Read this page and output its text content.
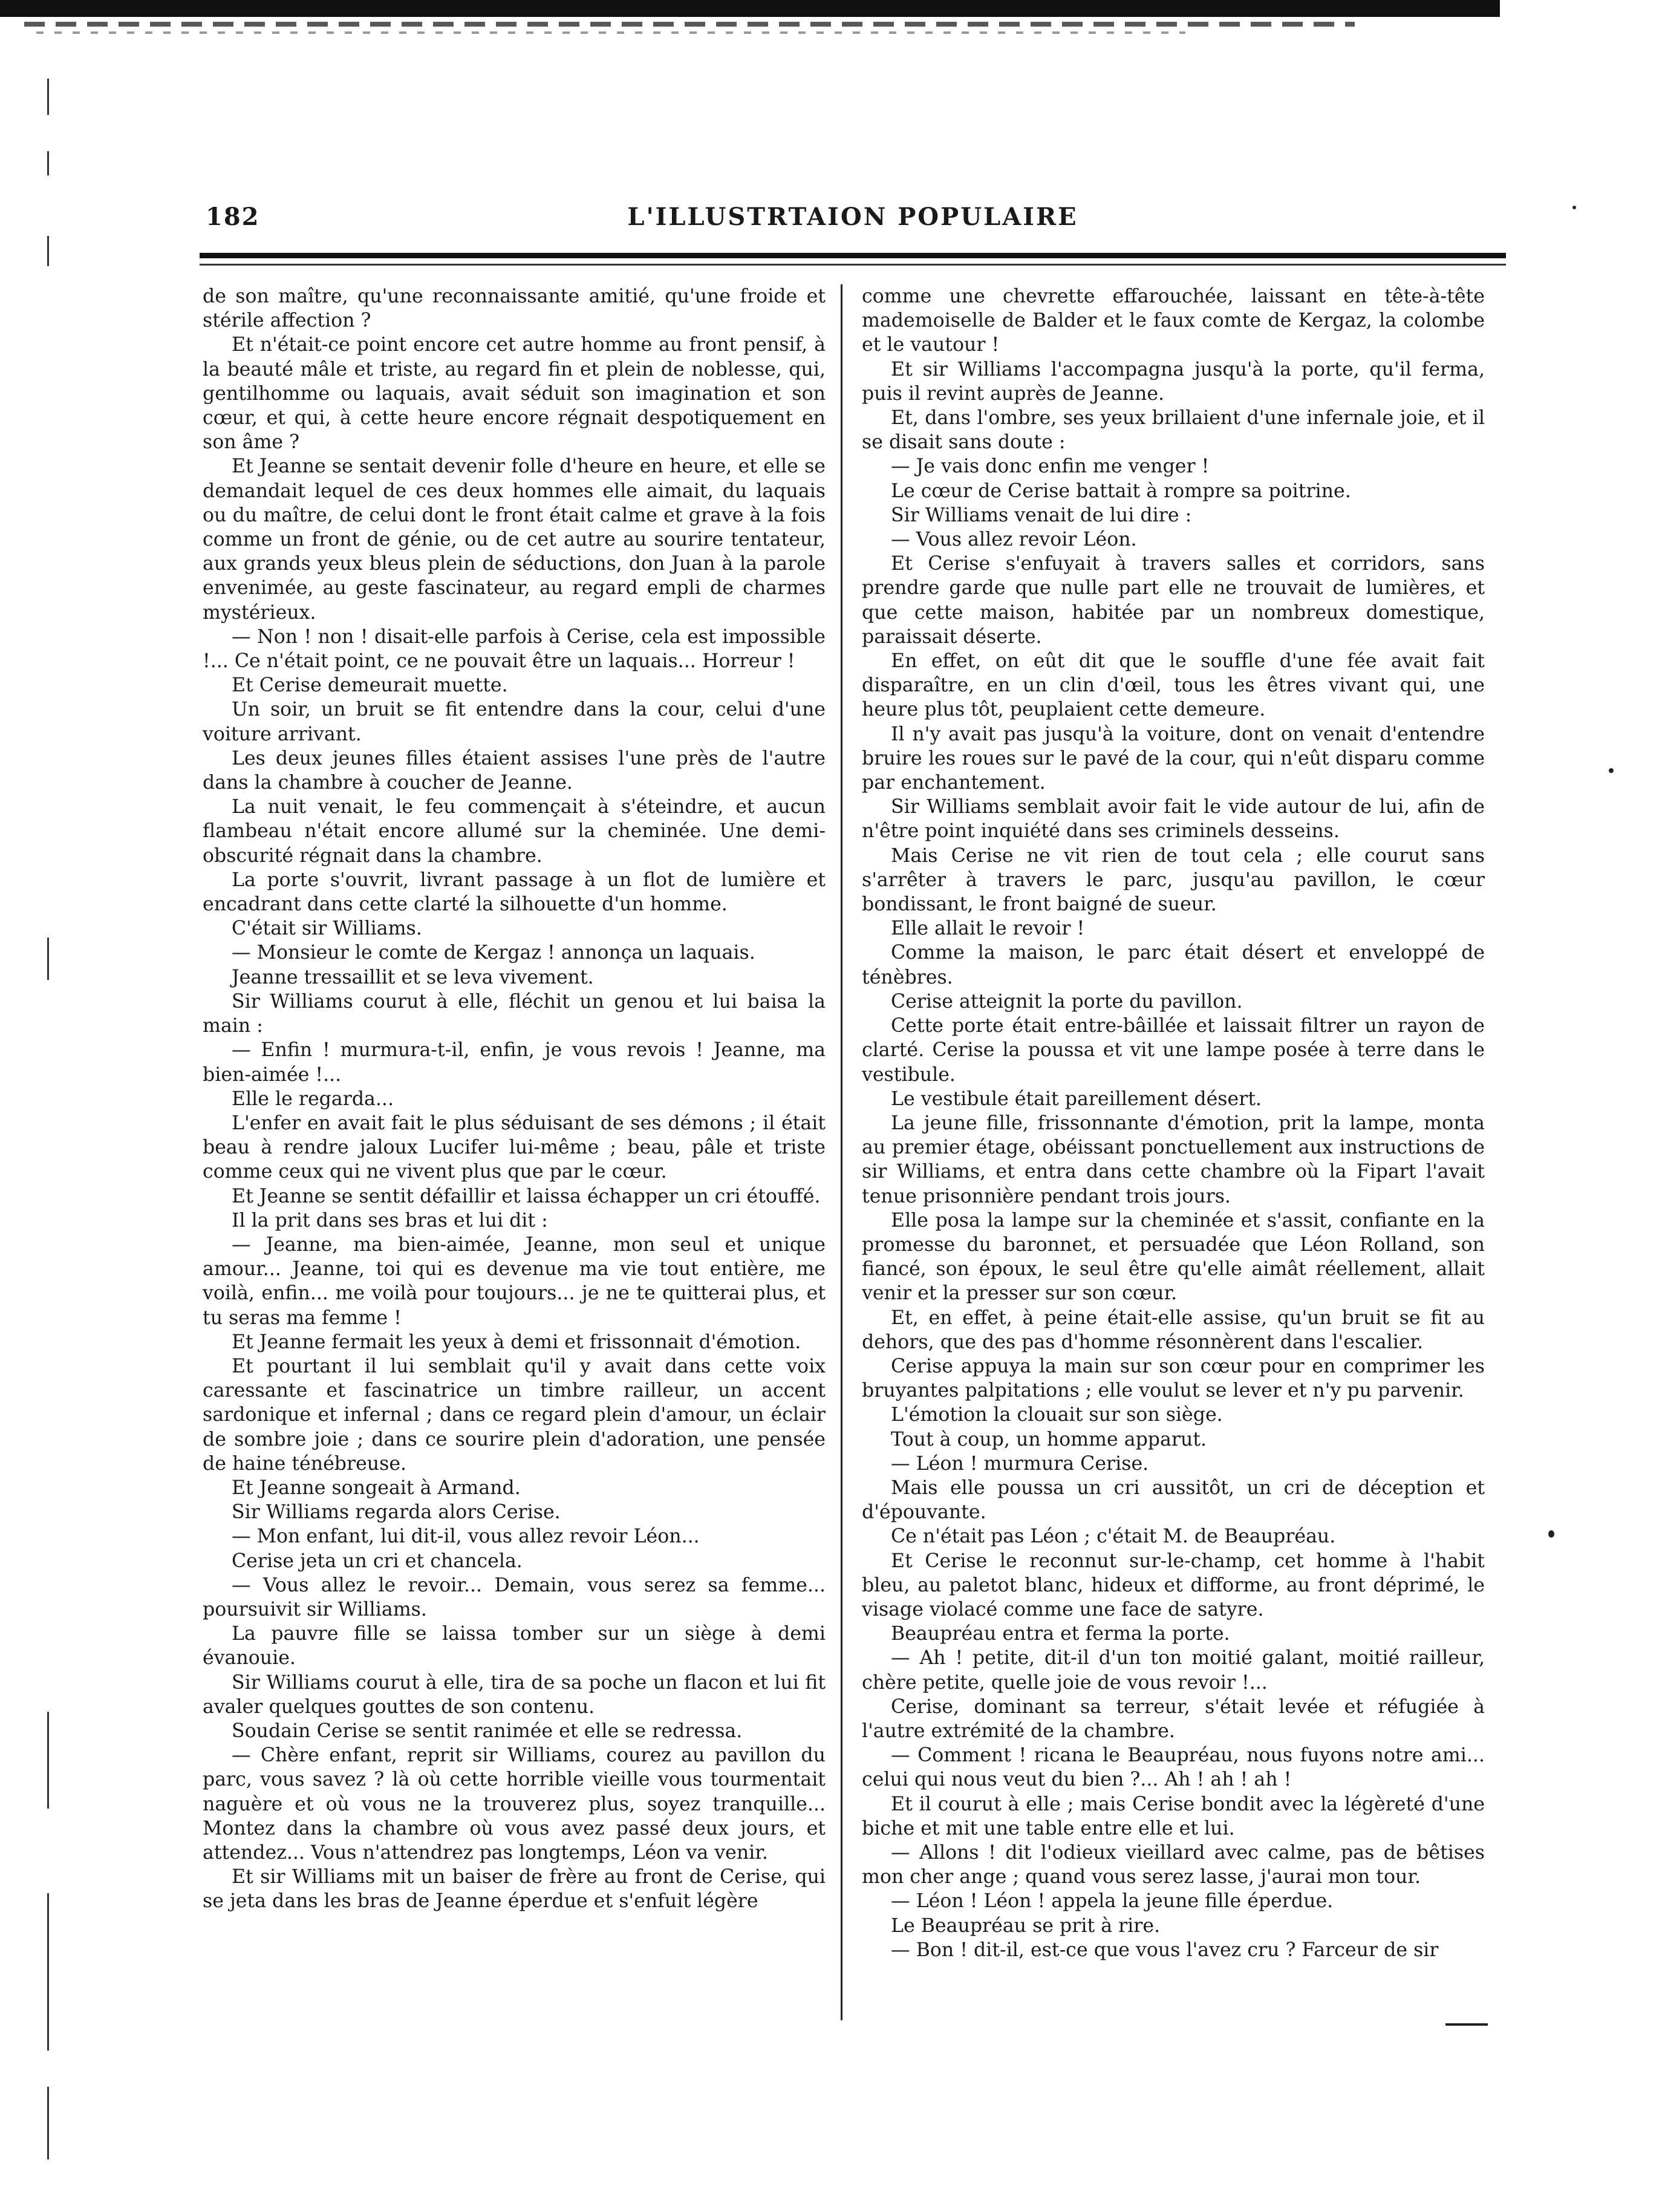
182	L'ILLUSTRTAION POPULAIRE

de son maître, qu'une reconnaissante amitié, qu'une froide et stérile affection ?

Et n'était-ce point encore cet autre homme au front pensif, à la beauté mâle et triste, au regard fin et plein de noblesse, qui, gentilhomme ou laquais, avait séduit son imagination et son cœur, et qui, à cette heure encore régnait despotiquement en son âme ?

Et Jeanne se sentait devenir folle d'heure en heure, et elle se demandait lequel de ces deux hommes elle aimait, du laquais ou du maître, de celui dont le front était calme et grave à la fois comme un front de génie, ou de cet autre au sourire tentateur, aux grands yeux bleus plein de séductions, don Juan à la parole envenimée, au geste fascinateur, au regard empli de charmes mystérieux.

— Non ! non ! disait-elle parfois à Cerise, cela est impossible !... Ce n'était point, ce ne pouvait être un laquais... Horreur !

Et Cerise demeurait muette.

Un soir, un bruit se fit entendre dans la cour, celui d'une voiture arrivant.

Les deux jeunes filles étaient assises l'une près de l'autre dans la chambre à coucher de Jeanne.

La nuit venait, le feu commençait à s'éteindre, et aucun flambeau n'était encore allumé sur la cheminée. Une demi-obscurité régnait dans la chambre.

La porte s'ouvrit, livrant passage à un flot de lumière et encadrant dans cette clarté la silhouette d'un homme.

C'était sir Williams.

— Monsieur le comte de Kergaz ! annonça un laquais.

Jeanne tressaillit et se leva vivement.

Sir Williams courut à elle, fléchit un genou et lui baisa la main :

— Enfin ! murmura-t-il, enfin, je vous revois ! Jeanne, ma bien-aimée !...

Elle le regarda...

L'enfer en avait fait le plus séduisant de ses démons ; il était beau à rendre jaloux Lucifer lui-même ; beau, pâle et triste comme ceux qui ne vivent plus que par le cœur.

Et Jeanne se sentit défaillir et laissa échapper un cri étouffé.

Il la prit dans ses bras et lui dit :

— Jeanne, ma bien-aimée, Jeanne, mon seul et unique amour... Jeanne, toi qui es devenue ma vie tout entière, me voilà, enfin... me voilà pour toujours... je ne te quitterai plus, et tu seras ma femme !

Et Jeanne fermait les yeux à demi et frissonnait d'émotion.

Et pourtant il lui semblait qu'il y avait dans cette voix caressante et fascinatrice un timbre railleur, un accent sardonique et infernal ; dans ce regard plein d'amour, un éclair de sombre joie ; dans ce sourire plein d'adoration, une pensée de haine ténébreuse.

Et Jeanne songeait à Armand.

Sir Williams regarda alors Cerise.

— Mon enfant, lui dit-il, vous allez revoir Léon...

Cerise jeta un cri et chancela.

— Vous allez le revoir... Demain, vous serez sa femme... poursuivit sir Williams.

La pauvre fille se laissa tomber sur un siège à demi évanouie.

Sir Williams courut à elle, tira de sa poche un flacon et lui fit avaler quelques gouttes de son contenu.

Soudain Cerise se sentit ranimée et elle se redressa.

— Chère enfant, reprit sir Williams, courez au pavillon du parc, vous savez ? là où cette horrible vieille vous tourmentait naguère et où vous ne la trouverez plus, soyez tranquille... Montez dans la chambre où vous avez passé deux jours, et attendez... Vous n'attendrez pas longtemps, Léon va venir.

Et sir Williams mit un baiser de frère au front de Cerise, qui se jeta dans les bras de Jeanne éperdue et s'enfuit légère

comme une chevrette effarouchée, laissant en tête-à-tête mademoiselle de Balder et le faux comte de Kergaz, la colombe et le vautour !

Et sir Williams l'accompagna jusqu'à la porte, qu'il ferma, puis il revint auprès de Jeanne.

Et, dans l'ombre, ses yeux brillaient d'une infernale joie, et il se disait sans doute :

— Je vais donc enfin me venger !

Le cœur de Cerise battait à rompre sa poitrine.

Sir Williams venait de lui dire :

— Vous allez revoir Léon.

Et Cerise s'enfuyait à travers salles et corridors, sans prendre garde que nulle part elle ne trouvait de lumières, et que cette maison, habitée par un nombreux domestique, paraissait déserte.

En effet, on eût dit que le souffle d'une fée avait fait disparaître, en un clin d'œil, tous les êtres vivant qui, une heure plus tôt, peuplaient cette demeure.

Il n'y avait pas jusqu'à la voiture, dont on venait d'entendre bruire les roues sur le pavé de la cour, qui n'eût disparu comme par enchantement.

Sir Williams semblait avoir fait le vide autour de lui, afin de n'être point inquiété dans ses criminels desseins.

Mais Cerise ne vit rien de tout cela ; elle courut sans s'arrêter à travers le parc, jusqu'au pavillon, le cœur bondissant, le front baigné de sueur.

Elle allait le revoir !

Comme la maison, le parc était désert et enveloppé de ténèbres.

Cerise atteignit la porte du pavillon.

Cette porte était entre-bâillée et laissait filtrer un rayon de clarté. Cerise la poussa et vit une lampe posée à terre dans le vestibule.

Le vestibule était pareillement désert.

La jeune fille, frissonnante d'émotion, prit la lampe, monta au premier étage, obéissant ponctuellement aux instructions de sir Williams, et entra dans cette chambre où la Fipart l'avait tenue prisonnière pendant trois jours.

Elle posa la lampe sur la cheminée et s'assit, confiante en la promesse du baronnet, et persuadée que Léon Rolland, son fiancé, son époux, le seul être qu'elle aimât réellement, allait venir et la presser sur son cœur.

Et, en effet, à peine était-elle assise, qu'un bruit se fit au dehors, que des pas d'homme résonnèrent dans l'escalier.

Cerise appuya la main sur son cœur pour en comprimer les bruyantes palpitations ; elle voulut se lever et n'y pu parvenir.

L'émotion la clouait sur son siège.

Tout à coup, un homme apparut.

— Léon ! murmura Cerise.

Mais elle poussa un cri aussitôt, un cri de déception et d'épouvante.

Ce n'était pas Léon ; c'était M. de Beaupréau.

Et Cerise le reconnut sur-le-champ, cet homme à l'habit bleu, au paletot blanc, hideux et difforme, au front déprimé, le visage violacé comme une face de satyre.

Beaupréau entra et ferma la porte.

— Ah ! petite, dit-il d'un ton moitié galant, moitié railleur, chère petite, quelle joie de vous revoir !...

Cerise, dominant sa terreur, s'était levée et réfugiée à l'autre extrémité de la chambre.

— Comment ! ricana le Beaupréau, nous fuyons notre ami... celui qui nous veut du bien ?... Ah ! ah ! ah !

Et il courut à elle ; mais Cerise bondit avec la légèreté d'une biche et mit une table entre elle et lui.

— Allons ! dit l'odieux vieillard avec calme, pas de bêtises mon cher ange ; quand vous serez lasse, j'aurai mon tour.

— Léon ! Léon ! appela la jeune fille éperdue.

Le Beaupréau se prit à rire.

— Bon ! dit-il, est-ce que vous l'avez cru ? Farceur de sir
